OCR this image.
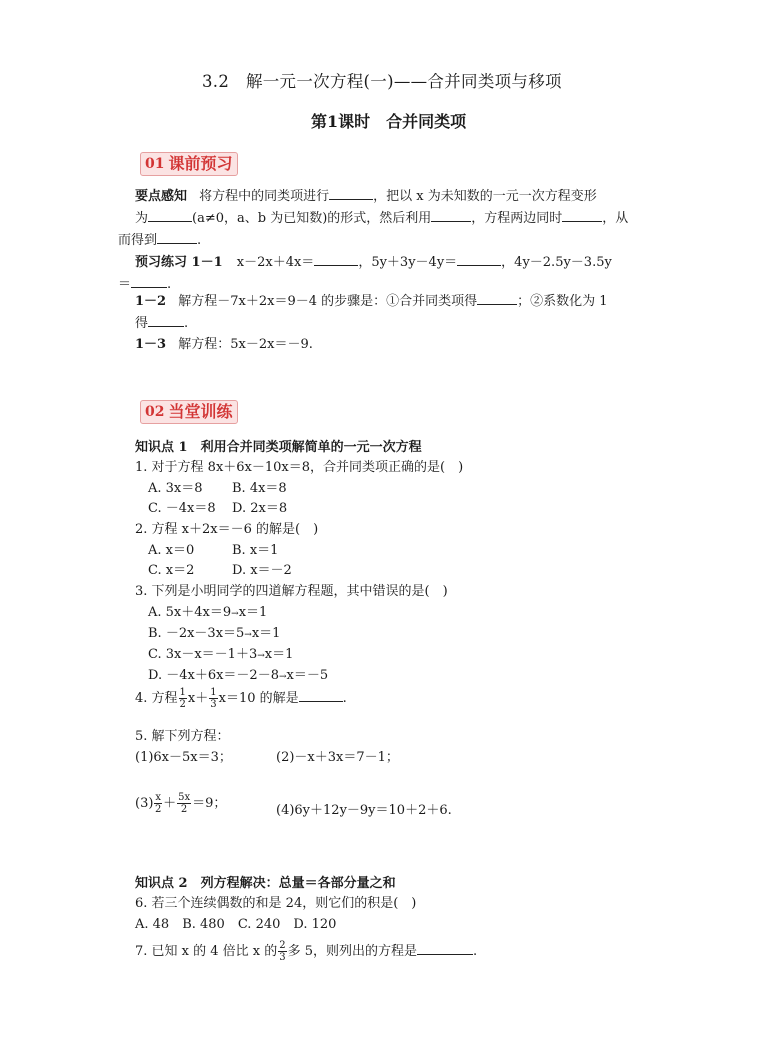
3.2　解一元一次方程(一)——合并同类项与移项
第1课时　合并同类项
01 课前预习
要点感知 将方程中的同类项进行	，把以 x 为未知数的一元一次方程变形
为	(a≠0，a、b 为已知数)的形式，然后利用	，方程两边同时	，从
而得到	.
预习练习 1－1 x－2x＋4x＝	，5y＋3y－4y＝	，4y－2.5y－3.5y
＝	.
1－2 解方程－7x＋2x＝9－4 的步骤是：①合并同类项得	；②系数化为 1
得	.
1－3 解方程：5x－2x＝－9.
02 当堂训练
知识点 1　利用合并同类项解简单的一元一次方程
1. 对于方程 8x＋6x－10x＝8，合并同类项正确的是(　)
A. 3x＝8 B. 4x＝8
C. －4x＝8 D. 2x＝8
2. 方程 x＋2x＝－6 的解是(　)
A. x＝0	B. x＝1
C. x＝2	D. x＝－2
3. 下列是小明同学的四道解方程题，其中错误的是(　)
A. 5x＋4x＝9→x＝1
B. －2x－3x＝5→x＝1
C. 3x－x＝－1＋3→x＝1
D. －4x＋6x＝－2－8→x＝－5
4. 方程 $\frac{1}{2} x+ \frac{1}{3} x=10$ 的解是	.
5. 解下列方程：
(1)6x－5x＝3；	(2)－x＋3x＝7－1；
$(3) \frac{x}{2} + \frac{5x}{2} =9$；	(4)6y＋12y－9y＝10＋2＋6.
知识点 2　列方程解决：总量＝各部分量之和
6. 若三个连续偶数的和是 24，则它们的积是(　)
A. 48　B. 480　C. 240　D. 120
7. 已知 x 的 4 倍比 x 的 $\frac{2}{3}$ 多 5，则列出的方程是	.
